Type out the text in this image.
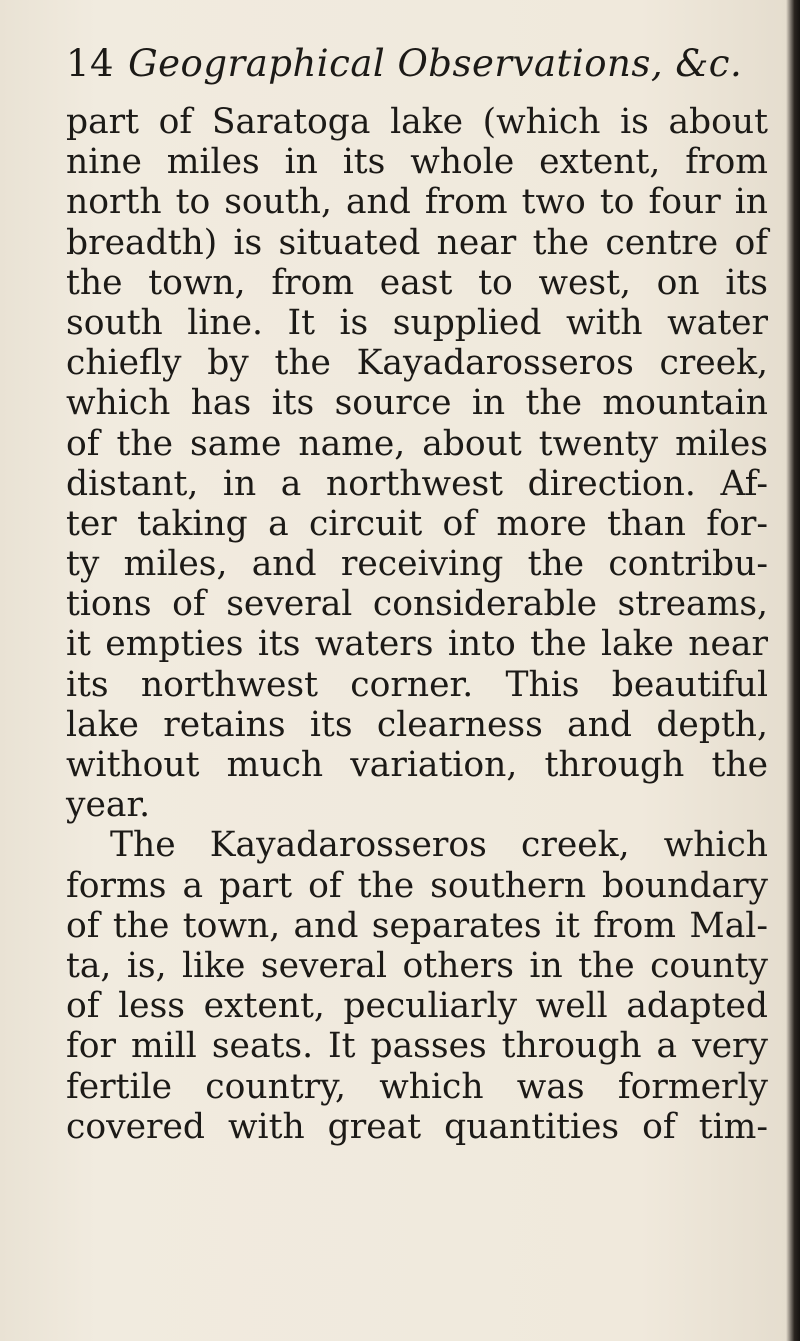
14 Geographical Observations, &c.
part of Saratoga lake (which is about
nine miles in its whole extent, from
north to south, and from two to four in
breadth) is situated near the centre of
the town, from east to west, on its
south line. It is supplied with water
chiefly by the Kayadarosseros creek,
which has its source in the mountain
of the same name, about twenty miles
distant, in a northwest direction. Af-
ter taking a circuit of more than for-
ty miles, and receiving the contribu-
tions of several considerable streams,
it empties its waters into the lake near
its northwest corner. This beautiful
lake retains its clearness and depth,
without much variation, through the
year.
The Kayadarosseros creek, which
forms a part of the southern boundary
of the town, and separates it from Mal-
ta, is, like several others in the county
of less extent, peculiarly well adapted
for mill seats. It passes through a very
fertile country, which was formerly
covered with great quantities of tim-
